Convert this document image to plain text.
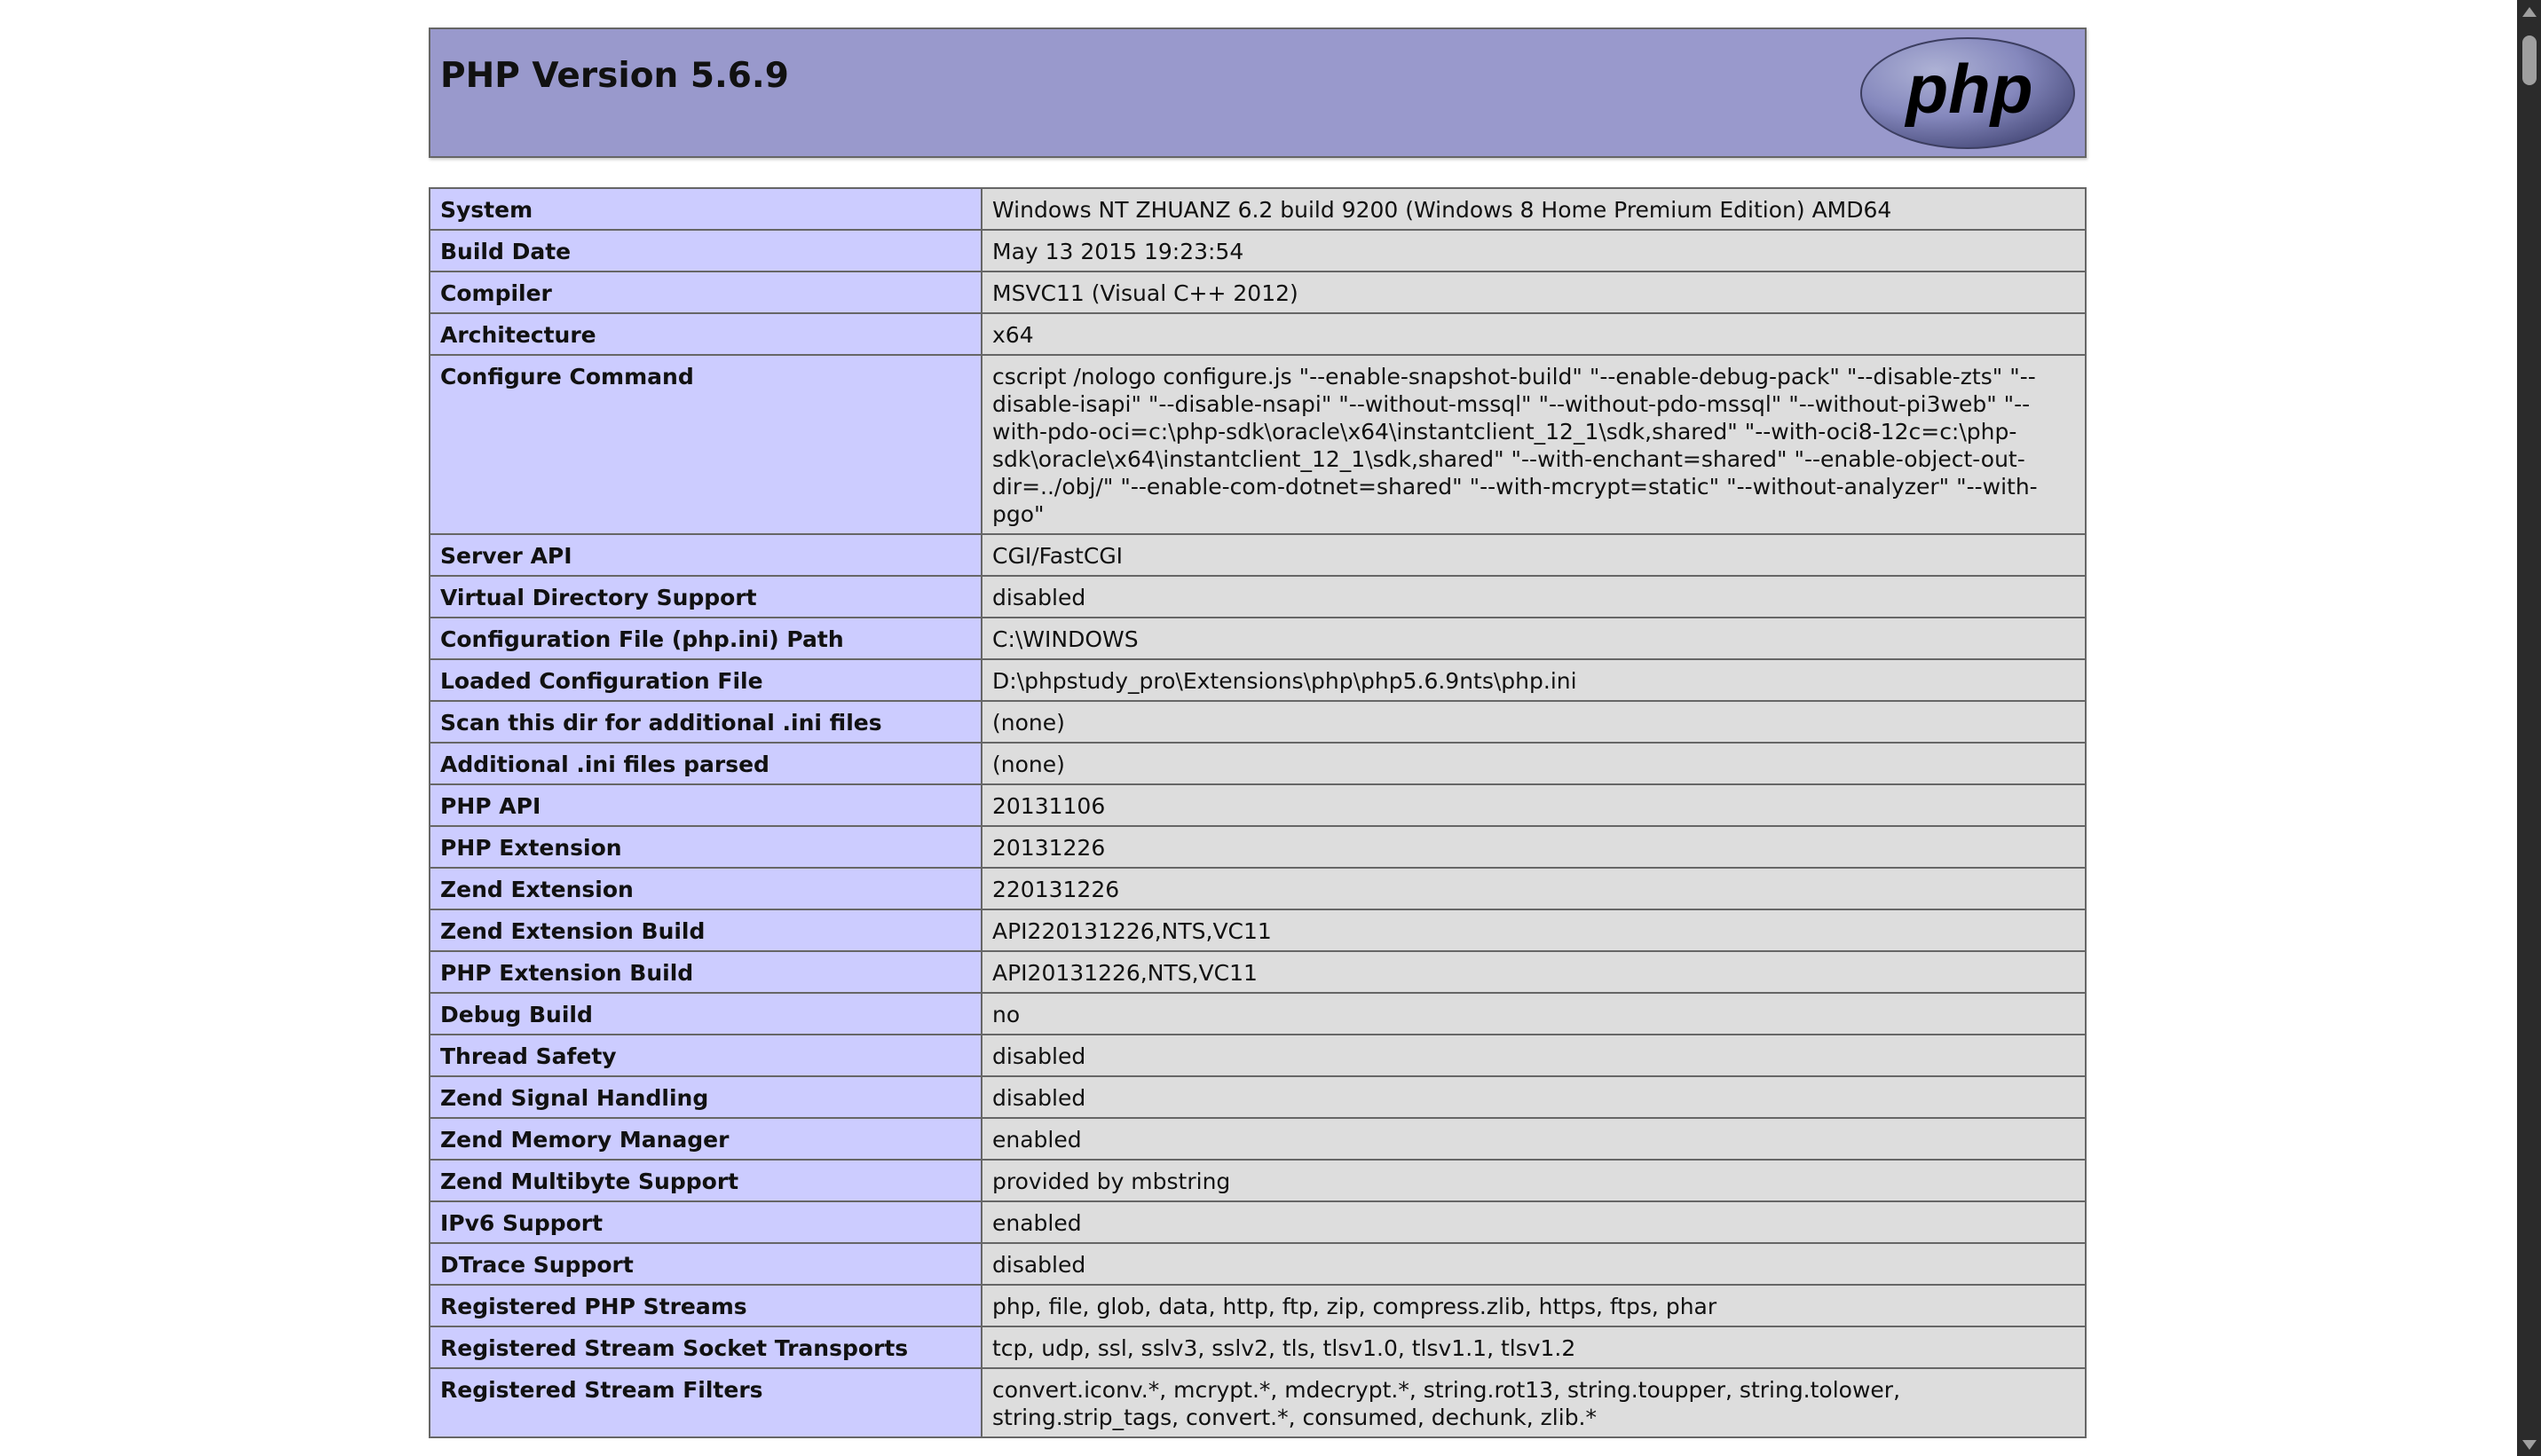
PHP Version 5.6.9	php
System	Windows NT ZHUANZ 6.2 build 9200 (Windows 8 Home Premium Edition) AMD64
Build Date	May 13 2015 19:23:54
Compiler	MSVC11 (Visual C++ 2012)
Architecture	x64
Configure Command	cscript /nologo configure.js "--enable-snapshot-build" "--enable-debug-pack" "--disable-zts" "--disable-isapi" "--disable-nsapi" "--without-mssql" "--without-pdo-mssql" "--without-pi3web" "--with-pdo-oci=c:\php-sdk\oracle\x64\instantclient_12_1\sdk,shared" "--with-oci8-12c=c:\php-sdk\oracle\x64\instantclient_12_1\sdk,shared" "--with-enchant=shared" "--enable-object-out-dir=../obj/" "--enable-com-dotnet=shared" "--with-mcrypt=static" "--without-analyzer" "--with-pgo"
Server API	CGI/FastCGI
Virtual Directory Support	disabled
Configuration File (php.ini) Path	C:\WINDOWS
Loaded Configuration File	D:\phpstudy_pro\Extensions\php\php5.6.9nts\php.ini
Scan this dir for additional .ini files	(none)
Additional .ini files parsed	(none)
PHP API	20131106
PHP Extension	20131226
Zend Extension	220131226
Zend Extension Build	API220131226,NTS,VC11
PHP Extension Build	API20131226,NTS,VC11
Debug Build	no
Thread Safety	disabled
Zend Signal Handling	disabled
Zend Memory Manager	enabled
Zend Multibyte Support	provided by mbstring
IPv6 Support	enabled
DTrace Support	disabled
Registered PHP Streams	php, file, glob, data, http, ftp, zip, compress.zlib, https, ftps, phar
Registered Stream Socket Transports	tcp, udp, ssl, sslv3, sslv2, tls, tlsv1.0, tlsv1.1, tlsv1.2
Registered Stream Filters	convert.iconv.*, mcrypt.*, mdecrypt.*, string.rot13, string.toupper, string.tolower, string.strip_tags, convert.*, consumed, dechunk, zlib.*
